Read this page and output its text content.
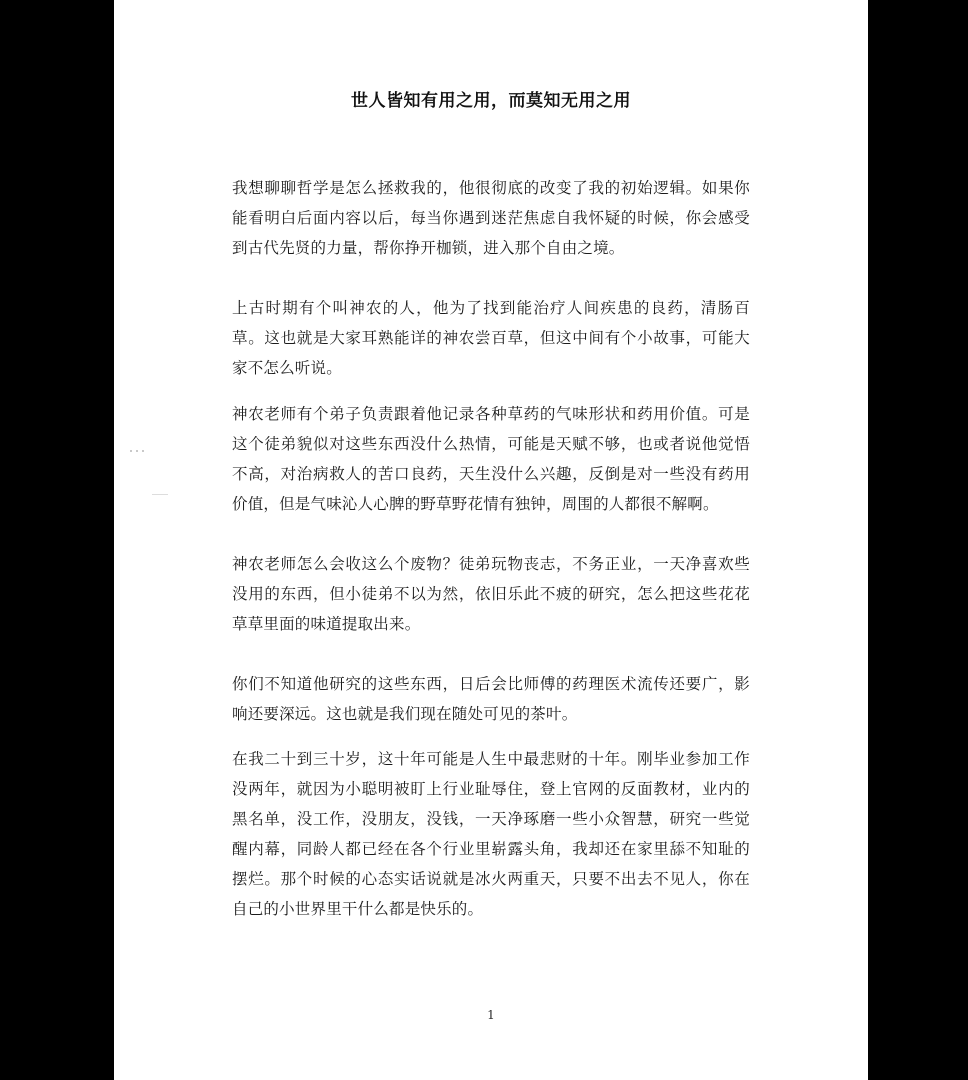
世人皆知有用之用，而莫知无用之用

我想聊聊哲学是怎么拯救我的，他很彻底的改变了我的初始逻辑。如果你能看明白后面内容以后，每当你遇到迷茫焦虑自我怀疑的时候，你会感受到古代先贤的力量，帮你挣开枷锁，进入那个自由之境。

上古时期有个叫神农的人，他为了找到能治疗人间疾患的良药，清肠百草。这也就是大家耳熟能详的神农尝百草，但这中间有个小故事，可能大家不怎么听说。

神农老师有个弟子负责跟着他记录各种草药的气味形状和药用价值。可是这个徒弟貌似对这些东西没什么热情，可能是天赋不够，也或者说他觉悟不高，对治病救人的苦口良药，天生没什么兴趣，反倒是对一些没有药用价值，但是气味沁人心脾的野草野花情有独钟，周围的人都很不解啊。

神农老师怎么会收这么个废物？徒弟玩物丧志，不务正业，一天净喜欢些没用的东西，但小徒弟不以为然，依旧乐此不疲的研究，怎么把这些花花草草里面的味道提取出来。

你们不知道他研究的这些东西，日后会比师傅的药理医术流传还要广，影响还要深远。这也就是我们现在随处可见的茶叶。

在我二十到三十岁，这十年可能是人生中最悲财的十年。刚毕业参加工作没两年，就因为小聪明被盯上行业耻辱住，登上官网的反面教材，业内的黑名单，没工作，没朋友，没钱，一天净琢磨一些小众智慧，研究一些觉醒内幕，同龄人都已经在各个行业里崭露头角，我却还在家里舔不知耻的摆烂。那个时候的心态实话说就是冰火两重天，只要不出去不见人，你在自己的小世界里干什么都是快乐的。

1
